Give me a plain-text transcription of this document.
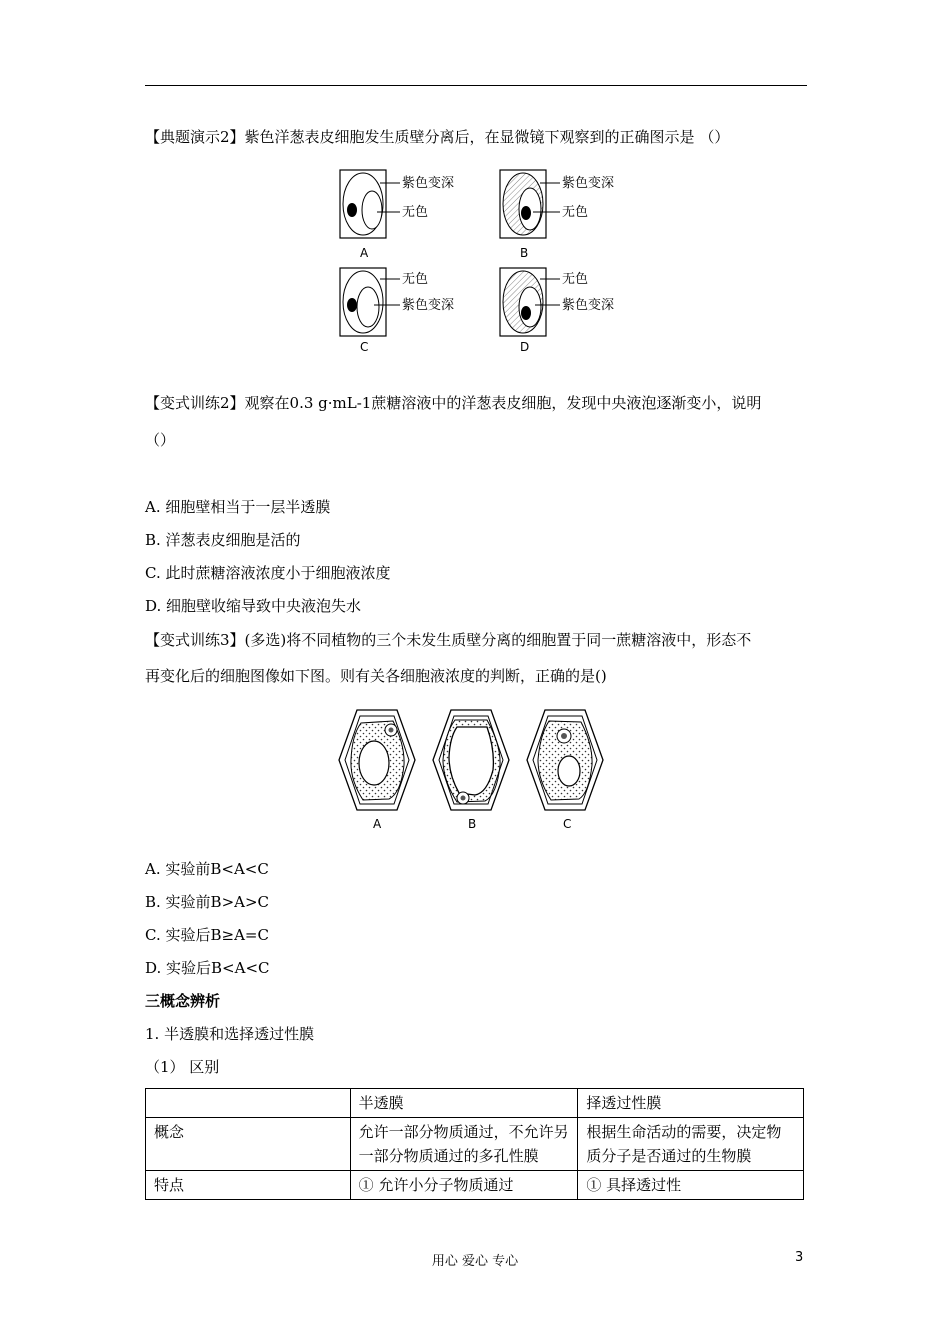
【典题演示2】紫色洋葱表皮细胞发生质壁分离后，在显微镜下观察到的正确图示是 （）
紫色变深
无色
A
紫色变深
无色
B
无色
紫色变深
C
无色
紫色变深
D
【变式训练2】观察在0.3 g·mL-1蔗糖溶液中的洋葱表皮细胞，发现中央液泡逐渐变小，说明
（）
A. 细胞壁相当于一层半透膜
B. 洋葱表皮细胞是活的
C. 此时蔗糖溶液浓度小于细胞液浓度
D. 细胞壁收缩导致中央液泡失水
【变式训练3】(多选)将不同植物的三个未发生质壁分离的细胞置于同一蔗糖溶液中，形态不
再变化后的细胞图像如下图。则有关各细胞液浓度的判断，正确的是()
A	B	C
A. 实验前B<A<C
B. 实验前B>A>C
C. 实验后B≥A=C
D. 实验后B<A<C
三概念辨析
1. 半透膜和选择透过性膜
（1） 区别
	半透膜	择透过性膜
概念	允许一部分物质通过，不允许另一部分物质通过的多孔性膜	根据生命活动的需要，决定物质分子是否通过的生物膜
特点	① 允许小分子物质通过	① 具择透过性
用心 爱心 专心	3
